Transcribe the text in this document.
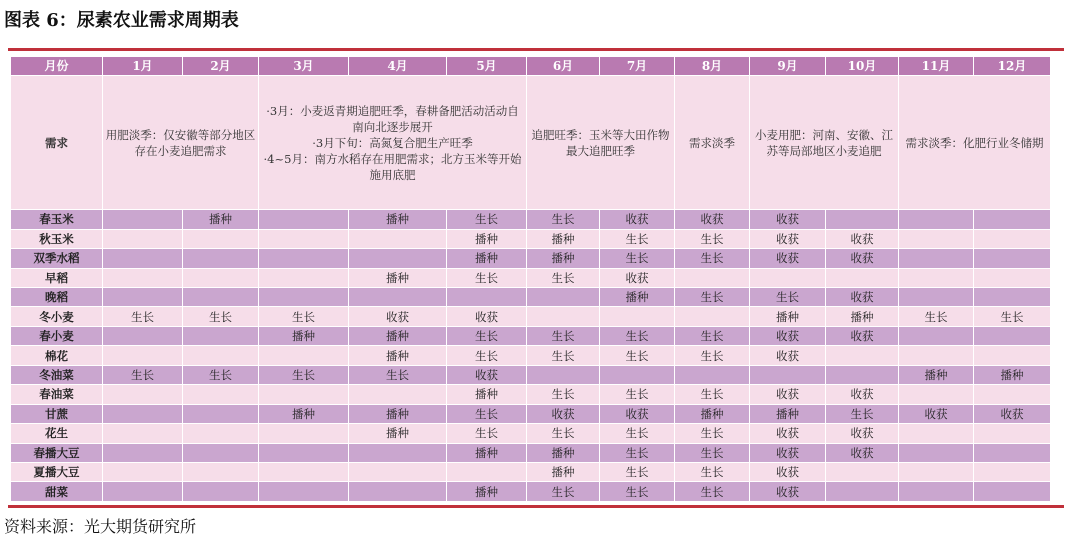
图表 6：尿素农业需求周期表
月份	1月	2月	3月	4月	5月	6月	7月	8月	9月	10月	11月	12月
需求	用肥淡季：仅安徽等部分地区存在小麦追肥需求		·3月：小麦返青期追肥旺季，春耕备肥活动活动自南向北逐步展开
·3月下旬：高氮复合肥生产旺季
·4~5月：南方水稻存在用肥需求；北方玉米等开始施用底肥			追肥旺季：玉米等大田作物最大追肥旺季		需求淡季	小麦用肥：河南、安徽、江苏等局部地区小麦追肥		需求淡季：化肥行业冬储期	
春玉米		播种		播种	生长	生长	收获	收获	收获			
秋玉米					播种	播种	生长	生长	收获	收获		
双季水稻					播种	播种	生长	生长	收获	收获		
早稻				播种	生长	生长	收获					
晚稻							播种	生长	生长	收获		
冬小麦	生长	生长	生长	收获	收获				播种	播种	生长	生长
春小麦			播种	播种	生长	生长	生长	生长	收获	收获		
棉花				播种	生长	生长	生长	生长	收获			
冬油菜	生长	生长	生长	生长	收获						播种	播种
春油菜					播种	生长	生长	生长	收获	收获		
甘蔗			播种	播种	生长	收获	收获	播种	播种	生长	收获	收获
花生				播种	生长	生长	生长	生长	收获	收获		
春播大豆					播种	播种	生长	生长	收获	收获		
夏播大豆						播种	生长	生长	收获			
甜菜					播种	生长	生长	生长	收获			
资料来源：光大期货研究所
